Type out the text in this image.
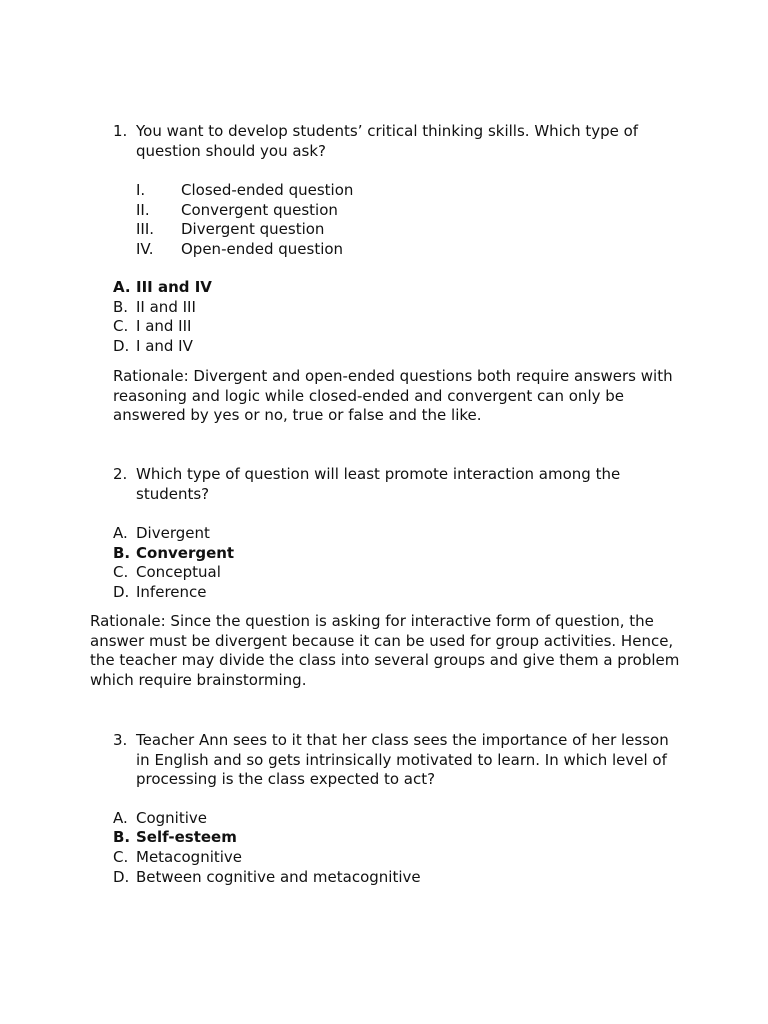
1. You want to develop students’ critical thinking skills. Which type of question should you ask?
I. Closed-ended question
II. Convergent question
III. Divergent question
IV. Open-ended question
A. III and IV
B. II and III
C. I and III
D. I and IV
Rationale: Divergent and open-ended questions both require answers with reasoning and logic while closed-ended and convergent can only be answered by yes or no, true or false and the like.
2. Which type of question will least promote interaction among the students?
A. Divergent
B. Convergent
C. Conceptual
D. Inference
Rationale: Since the question is asking for interactive form of question, the answer must be divergent because it can be used for group activities. Hence, the teacher may divide the class into several groups and give them a problem which require brainstorming.
3. Teacher Ann sees to it that her class sees the importance of her lesson in English and so gets intrinsically motivated to learn. In which level of processing is the class expected to act?
A. Cognitive
B. Self-esteem
C. Metacognitive
D. Between cognitive and metacognitive
